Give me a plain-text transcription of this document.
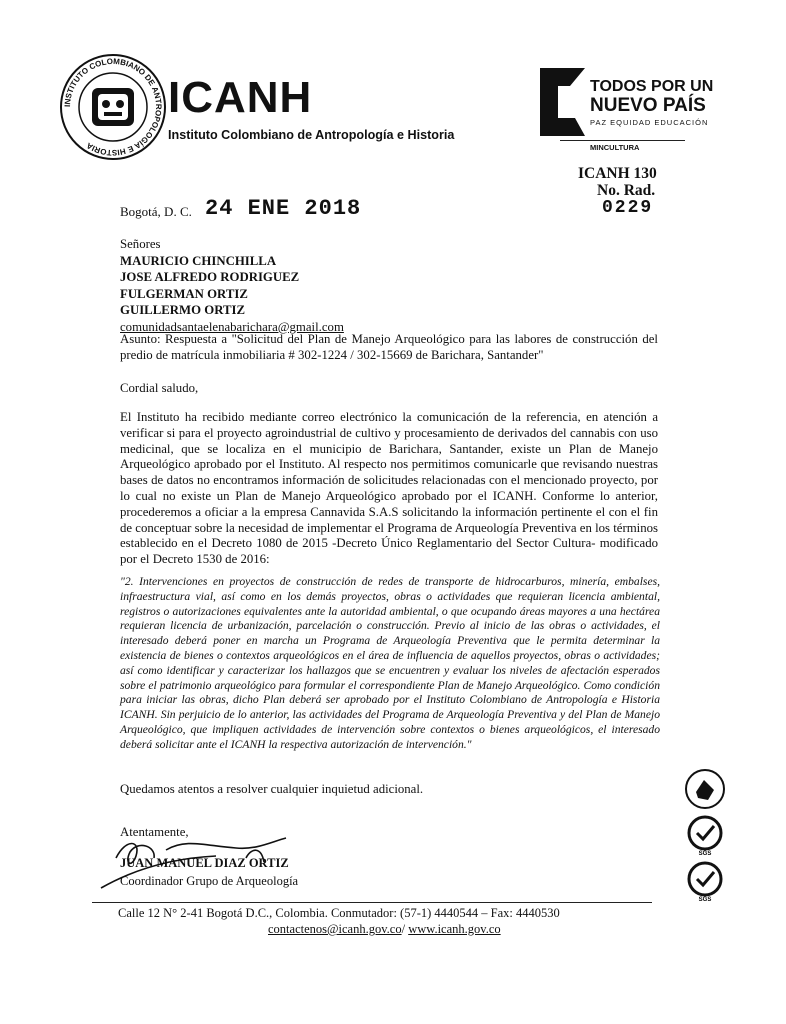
INSTITUTO COLOMBIANO DE ANTROPOLOGÍA E HISTORIA
ICANH
Instituto Colombiano de Antropología e Historia
TODOS POR UN
NUEVO PAÍS
PAZ EQUIDAD EDUCACIÓN
MINCULTURA
ICANH 130
No. Rad.
0229
Bogotá, D. C. 24 ENE 2018
Señores
MAURICIO CHINCHILLA
JOSE ALFREDO RODRIGUEZ
FULGERMAN ORTIZ
GUILLERMO ORTIZ
comunidadsantaelenabarichara@gmail.com
Asunto: Respuesta a "Solicitud del Plan de Manejo Arqueológico para las labores de construcción del predio de matrícula inmobiliaria # 302-1224 / 302-15669 de Barichara, Santander"
Cordial saludo,
El Instituto ha recibido mediante correo electrónico la comunicación de la referencia, en atención a verificar si para el proyecto agroindustrial de cultivo y procesamiento de derivados del cannabis con uso medicinal, que se localiza en el municipio de Barichara, Santander, existe un Plan de Manejo Arqueológico aprobado por el Instituto. Al respecto nos permitimos comunicarle que revisando nuestras bases de datos no encontramos información de solicitudes relacionadas con el mencionado proyecto, por lo cual no existe un Plan de Manejo Arqueológico aprobado por el ICANH. Conforme lo anterior, procederemos a oficiar a la empresa Cannavida S.A.S solicitando la información pertinente el con el fin de conceptuar sobre la necesidad de implementar el Programa de Arqueología Preventiva en los términos establecido en el Decreto 1080 de 2015 -Decreto Único Reglamentario del Sector Cultura- modificado por el Decreto 1530 de 2016:
"2. Intervenciones en proyectos de construcción de redes de transporte de hidrocarburos, minería, embalses, infraestructura vial, así como en los demás proyectos, obras o actividades que requieran licencia ambiental, registros o autorizaciones equivalentes ante la autoridad ambiental, o que ocupando áreas mayores a una hectárea requieran licencia de urbanización, parcelación o construcción. Previo al inicio de las obras o actividades, el interesado deberá poner en marcha un Programa de Arqueología Preventiva que le permita determinar la existencia de bienes o contextos arqueológicos en el área de influencia de aquellos proyectos, obras o actividades; así como identificar y caracterizar los hallazgos que se encuentren y evaluar los niveles de afectación esperados sobre el patrimonio arqueológico para formular el correspondiente Plan de Manejo Arqueológico. Como condición para iniciar las obras, dicho Plan deberá ser aprobado por el Instituto Colombiano de Antropología e Historia ICANH. Sin perjuicio de lo anterior, las actividades del Programa de Arqueología Preventiva y del Plan de Manejo Arqueológico, que impliquen actividades de intervención sobre contextos o bienes arqueológicos, el interesado deberá solicitar ante el ICANH la respectiva autorización de intervención."
Quedamos atentos a resolver cualquier inquietud adicional.
Atentamente,
JUAN MANUEL DIAZ ORTIZ
Coordinador Grupo de Arqueología
SGS
SGS
Calle 12 N° 2-41 Bogotá D.C., Colombia. Conmutador: (57-1) 4440544 – Fax: 4440530
contactenos@icanh.gov.co/ www.icanh.gov.co
